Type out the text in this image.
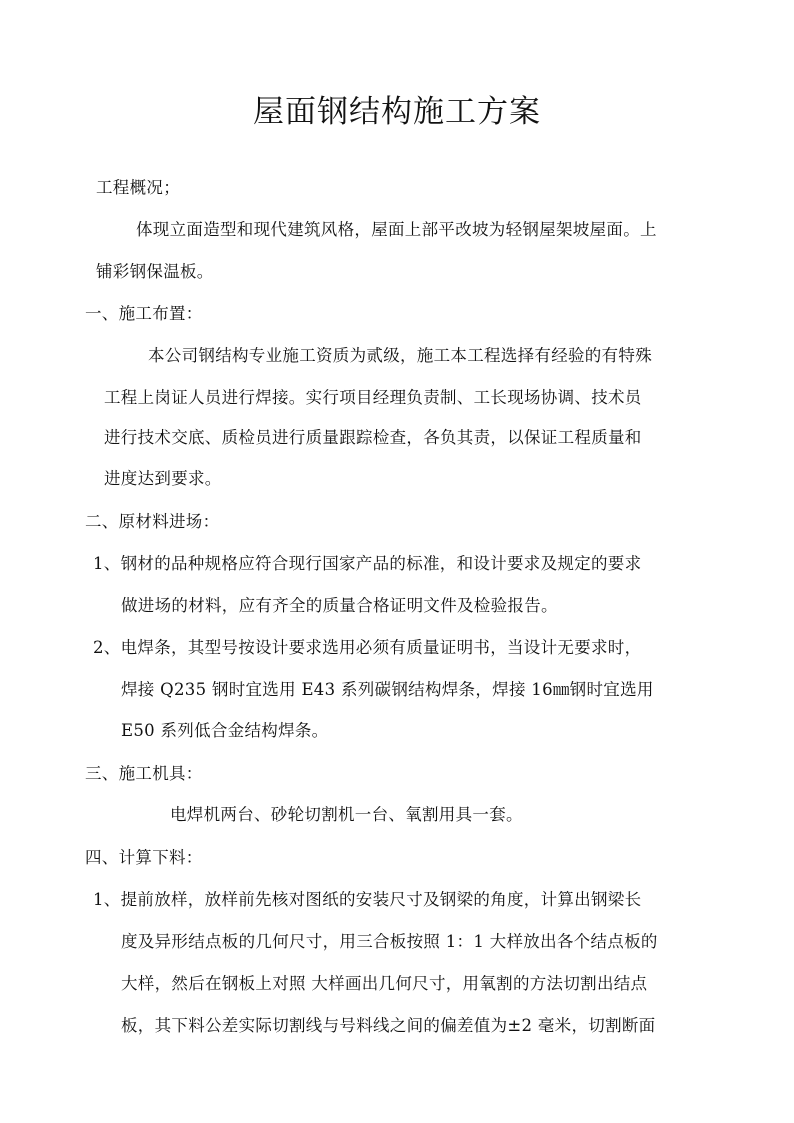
屋面钢结构施工方案
工程概况；
体现立面造型和现代建筑风格，屋面上部平改坡为轻钢屋架坡屋面。上
铺彩钢保温板。
一、施工布置：
本公司钢结构专业施工资质为贰级，施工本工程选择有经验的有特殊
工程上岗证人员进行焊接。实行项目经理负责制、工长现场协调、技术员
进行技术交底、质检员进行质量跟踪检查，各负其责，以保证工程质量和
进度达到要求。
二、原材料进场：
1、钢材的品种规格应符合现行国家产品的标准，和设计要求及规定的要求
做进场的材料，应有齐全的质量合格证明文件及检验报告。
2、电焊条，其型号按设计要求选用必须有质量证明书，当设计无要求时，
焊接 Q235 钢时宜选用 E43 系列碳钢结构焊条，焊接 16㎜钢时宜选用
E50 系列低合金结构焊条。
三、施工机具：
电焊机两台、砂轮切割机一台、氧割用具一套。
四、计算下料：
1、提前放样，放样前先核对图纸的安装尺寸及钢梁的角度，计算出钢梁长
度及异形结点板的几何尺寸，用三合板按照 1：1 大样放出各个结点板的
大样，然后在钢板上对照 大样画出几何尺寸，用氧割的方法切割出结点
板，其下料公差实际切割线与号料线之间的偏差值为±2 毫米，切割断面
